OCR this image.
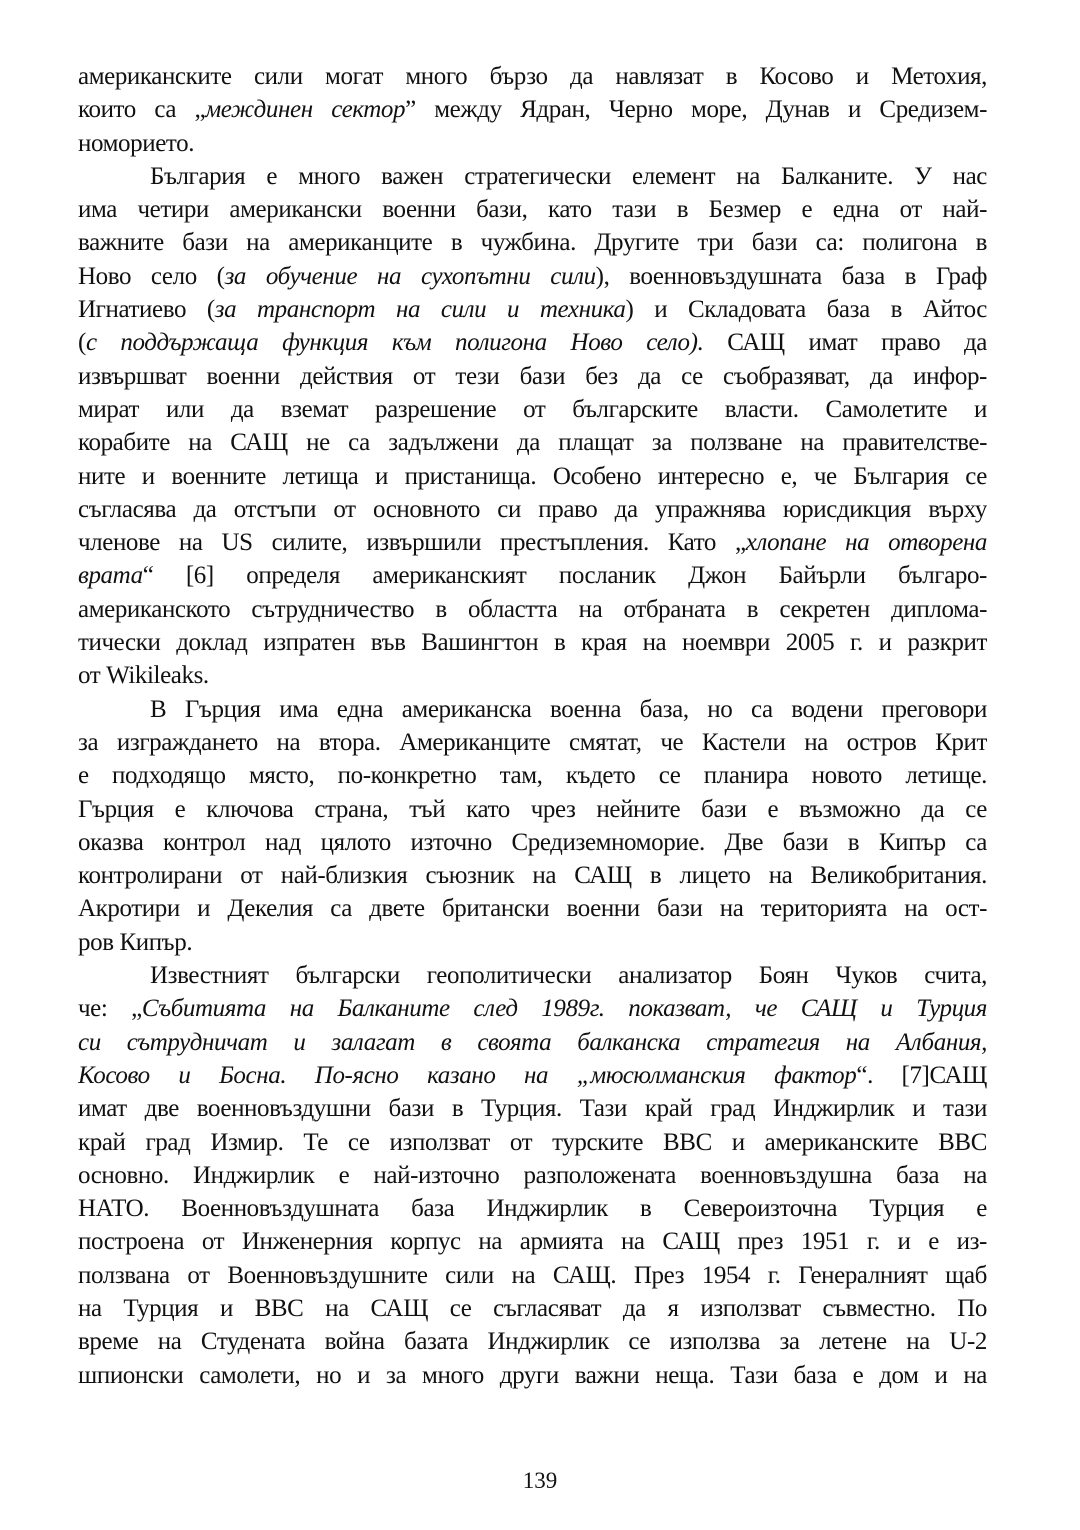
американските сили могат много бързо да навлязат в Косово и Метохия,
които са „междинен сектор” между Ядран, Черно море, Дунав и Средизем-
номорието.
България е много важен стратегически елемент на Балканите. У нас
има четири американски военни бази, като тази в Безмер е една от най-
важните бази на американците в чужбина. Другите три бази са: полигона в
Ново село (за обучение на сухопътни сили), военновъздушната база в Граф
Игнатиево (за транспорт на сили и техника) и Складовата база в Айтос
(с поддържаща функция към полигона Ново село). САЩ имат право да
извършват военни действия от тези бази без да се съобразяват, да инфор-
мират или да вземат разрешение от българските власти. Самолетите и
корабите на САЩ не са задължени да плащат за ползване на правителстве-
ните и военните летища и пристанища. Особено интересно е, че България се
съгласява да отстъпи от основното си право да упражнява юрисдикция върху
членове на US силите, извършили престъпления. Като „хлопане на отворена
врата“ [6] определя американският посланик Джон Байърли българо-
американското сътрудничество в областта на отбраната в секретен диплома-
тически доклад изпратен във Вашингтон в края на ноември 2005 г. и разкрит
от Wikileaks.
В Гърция има една американска военна база, но са водени преговори
за изграждането на втора. Американците смятат, че Кастели на остров Крит
е подходящо място, по-конкретно там, където се планира новото летище.
Гърция е ключова страна, тъй като чрез нейните бази е възможно да се
оказва контрол над цялото източно Средиземноморие. Две бази в Кипър са
контролирани от най-близкия съюзник на САЩ в лицето на Великобритания.
Акротири и Декелия са двете британски военни бази на територията на ост-
ров Кипър.
Известният български геополитически анализатор Боян Чуков счита,
че: „Събитията на Балканите след 1989г. показват, че САЩ и Турция
си сътрудничат и залагат в своята балканска стратегия на Албания,
Косово и Босна. По-ясно казано на „мюсюлманския фактор“. [7]САЩ
имат две военновъздушни бази в Турция. Тази край град Инджирлик и тази
край град Измир. Те се използват от турските ВВС и американските ВВС
основно. Инджирлик е най-източно разположената военновъздушна база на
НАТО. Военновъздушната база Инджирлик в Североизточна Турция е
построена от Инженерния корпус на армията на САЩ през 1951 г. и е из-
ползвана от Военновъздушните сили на САЩ. През 1954 г. Генералният щаб
на Турция и ВВС на САЩ се съгласяват да я използват съвместно. По
време на Студената война базата Инджирлик се използва за летене на U-2
шпионски самолети, но и за много други важни неща. Тази база е дом и на
139
